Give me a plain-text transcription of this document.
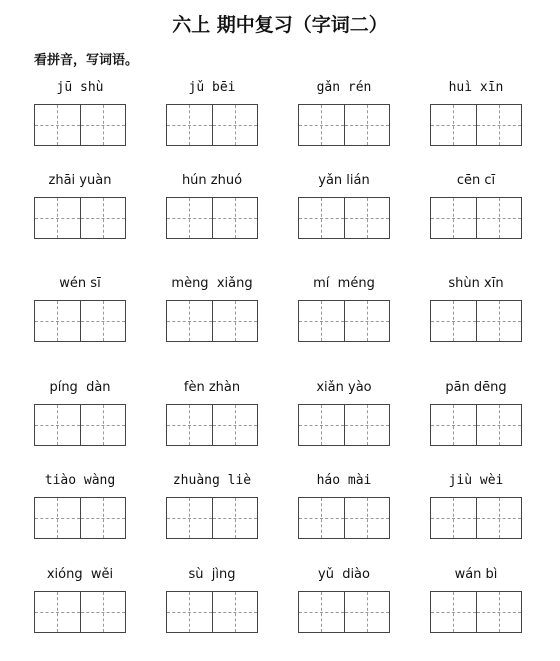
六上 期中复习（字词二）
看拼音，写词语。
jū shù	jǔ bēi	gǎn rén	huì xīn
zhāi yuàn	hún zhuó	yǎn lián	cēn cī
wén sī	mèng  xiǎng	mí  méng	shùn xīn
píng  dàn	fèn zhàn	xiǎn yào	pān dēng
tiào wàng	zhuàng liè	háo mài	jiù wèi
xióng  wěi	sù  jìng	yǔ  diào	wán bì
